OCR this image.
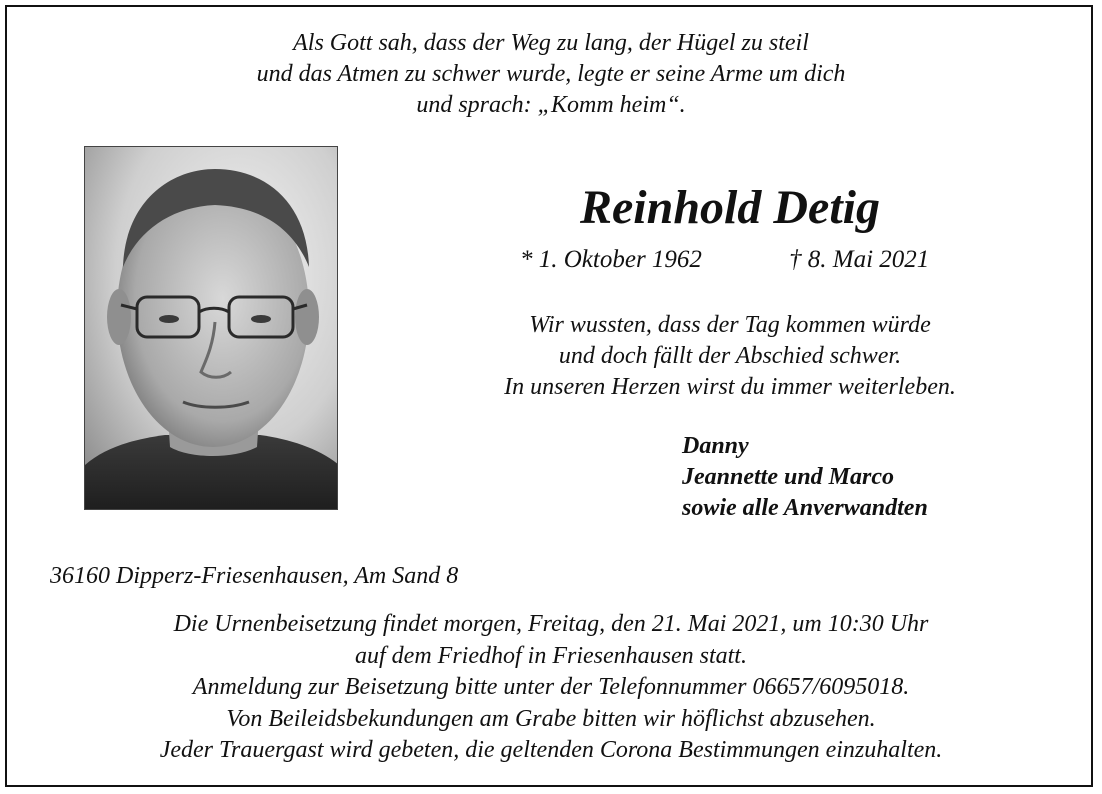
Als Gott sah, dass der Weg zu lang, der Hügel zu steil
und das Atmen zu schwer wurde, legte er seine Arme um dich
und sprach: „Komm heim“.
Reinhold Detig
* 1. Oktober 1962	† 8. Mai 2021
Wir wussten, dass der Tag kommen würde
und doch fällt der Abschied schwer.
In unseren Herzen wirst du immer weiterleben.
Danny
Jeannette und Marco
sowie alle Anverwandten
36160 Dipperz-Friesenhausen, Am Sand 8
Die Urnenbeisetzung findet morgen, Freitag, den 21. Mai 2021, um 10:30 Uhr
auf dem Friedhof in Friesenhausen statt.
Anmeldung zur Beisetzung bitte unter der Telefonnummer 06657/6095018.
Von Beileidsbekundungen am Grabe bitten wir höflichst abzusehen.
Jeder Trauergast wird gebeten, die geltenden Corona Bestimmungen einzuhalten.
